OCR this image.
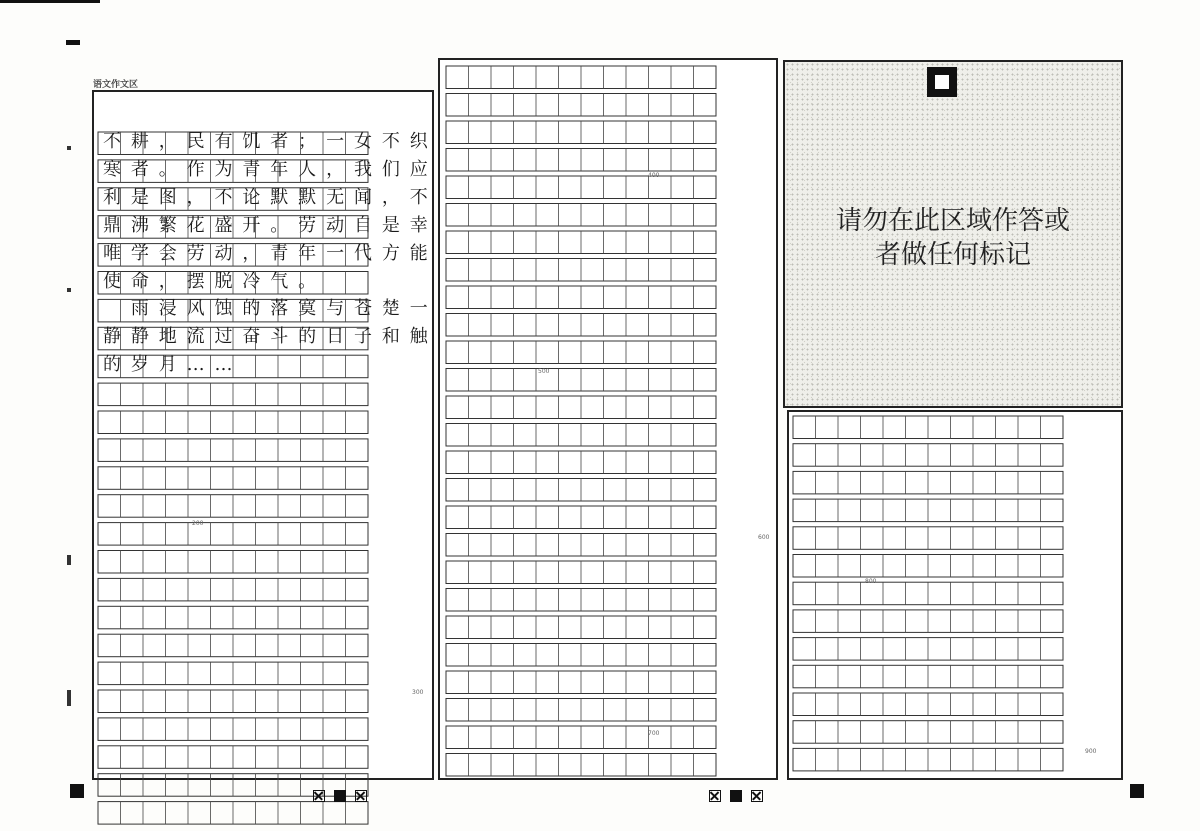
语文作文区
不 耕 ， 民 有 饥 者 ； 一 女 不 织
寒 者 。 作 为 青 年 人 ， 我 们 应
利 是 图 ， 不 论 默 默 无 闻 ， 不
鼎 沸 繁 花 盛 开 。 劳 动 自 是 幸
唯 学 会 劳 动 ， 青 年 一 代 方 能
使 命 ， 摆 脱 冷 气 。
　雨 浸 风 蚀 的 落 寞 与 苍 楚 一
静 静 地 流 过 奋 斗 的 日 子 和 触
的 岁 月 … …
200
300
400
500
600
700
请勿在此区域作答或
者做任何标记
800
900
